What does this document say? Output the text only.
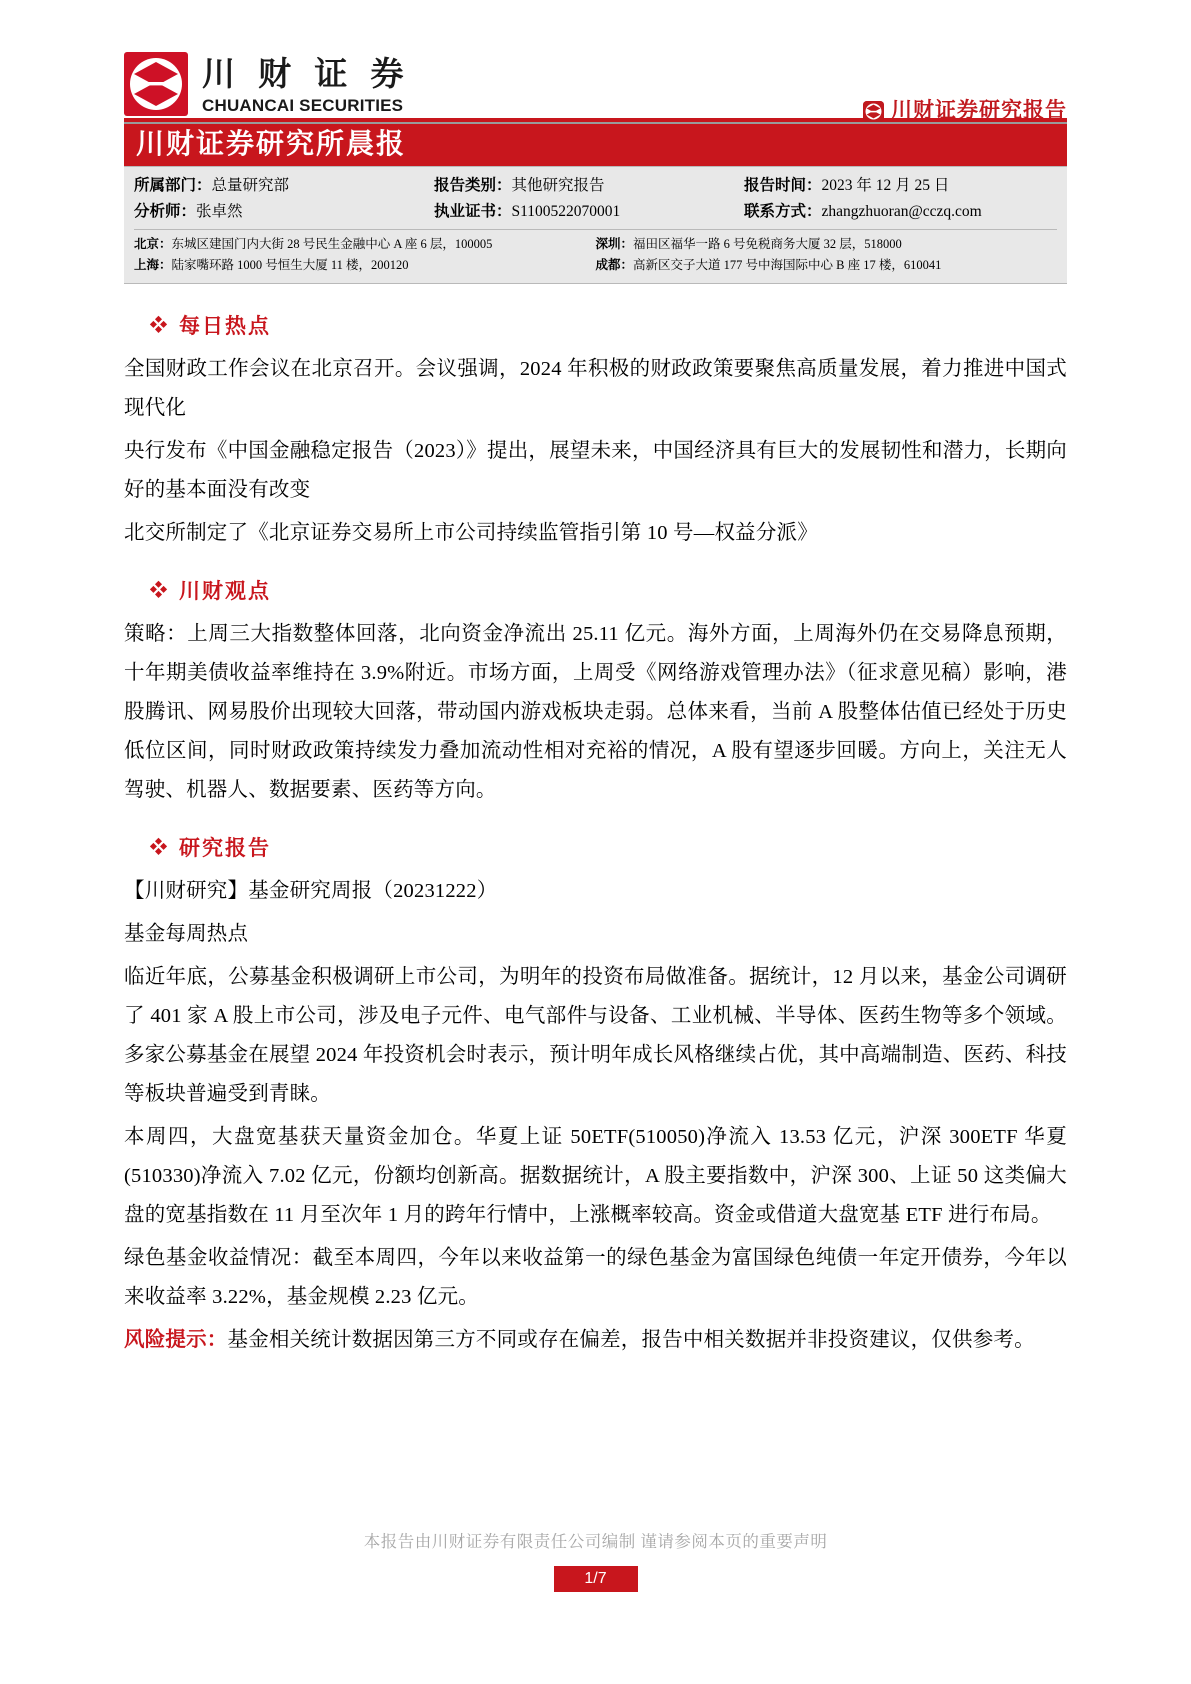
川 财 证 券
CHUANCAI SECURITIES	川财证券研究报告
川财证券研究所晨报
所属部门： 总量研究部	报告类别： 其他研究报告	报告时间： 2023 年 12 月 25 日
分析师： 张卓然	执业证书： S1100522070001	联系方式： zhangzhuoran@cczq.com
北京： 东城区建国门内大街 28 号民生金融中心 A 座 6 层，100005	深圳： 福田区福华一路 6 号免税商务大厦 32 层，518000
上海： 陆家嘴环路 1000 号恒生大厦 11 楼，200120	成都： 高新区交子大道 177 号中海国际中心 B 座 17 楼，610041
❖ 每日热点

全国财政工作会议在北京召开。会议强调，2024 年积极的财政政策要聚焦高质量发展，着力推进中国式现代化

央行发布《中国金融稳定报告（2023）》提出，展望未来，中国经济具有巨大的发展韧性和潜力，长期向好的基本面没有改变

北交所制定了《北京证券交易所上市公司持续监管指引第 10 号—权益分派》

❖ 川财观点

策略：上周三大指数整体回落，北向资金净流出 25.11 亿元。海外方面，上周海外仍在交易降息预期，十年期美债收益率维持在 3.9%附近。市场方面，上周受《网络游戏管理办法》（征求意见稿）影响，港股腾讯、网易股价出现较大回落，带动国内游戏板块走弱。总体来看，当前 A 股整体估值已经处于历史低位区间，同时财政政策持续发力叠加流动性相对充裕的情况，A 股有望逐步回暖。方向上，关注无人驾驶、机器人、数据要素、医药等方向。

❖ 研究报告

【川财研究】基金研究周报（20231222）

基金每周热点

临近年底，公募基金积极调研上市公司，为明年的投资布局做准备。据统计，12 月以来，基金公司调研了 401 家 A 股上市公司，涉及电子元件、电气部件与设备、工业机械、半导体、医药生物等多个领域。多家公募基金在展望 2024 年投资机会时表示，预计明年成长风格继续占优，其中高端制造、医药、科技等板块普遍受到青睐。

本周四，大盘宽基获天量资金加仓。华夏上证 50ETF(510050)净流入 13.53 亿元，沪深 300ETF 华夏(510330)净流入 7.02 亿元，份额均创新高。据数据统计，A 股主要指数中，沪深 300、上证 50 这类偏大盘的宽基指数在 11 月至次年 1 月的跨年行情中，上涨概率较高。资金或借道大盘宽基 ETF 进行布局。

绿色基金收益情况：截至本周四，今年以来收益第一的绿色基金为富国绿色纯债一年定开债券，今年以来收益率 3.22%，基金规模 2.23 亿元。

风险提示：基金相关统计数据因第三方不同或存在偏差，报告中相关数据并非投资建议，仅供参考。

本报告由川财证券有限责任公司编制 谨请参阅本页的重要声明
1/7
